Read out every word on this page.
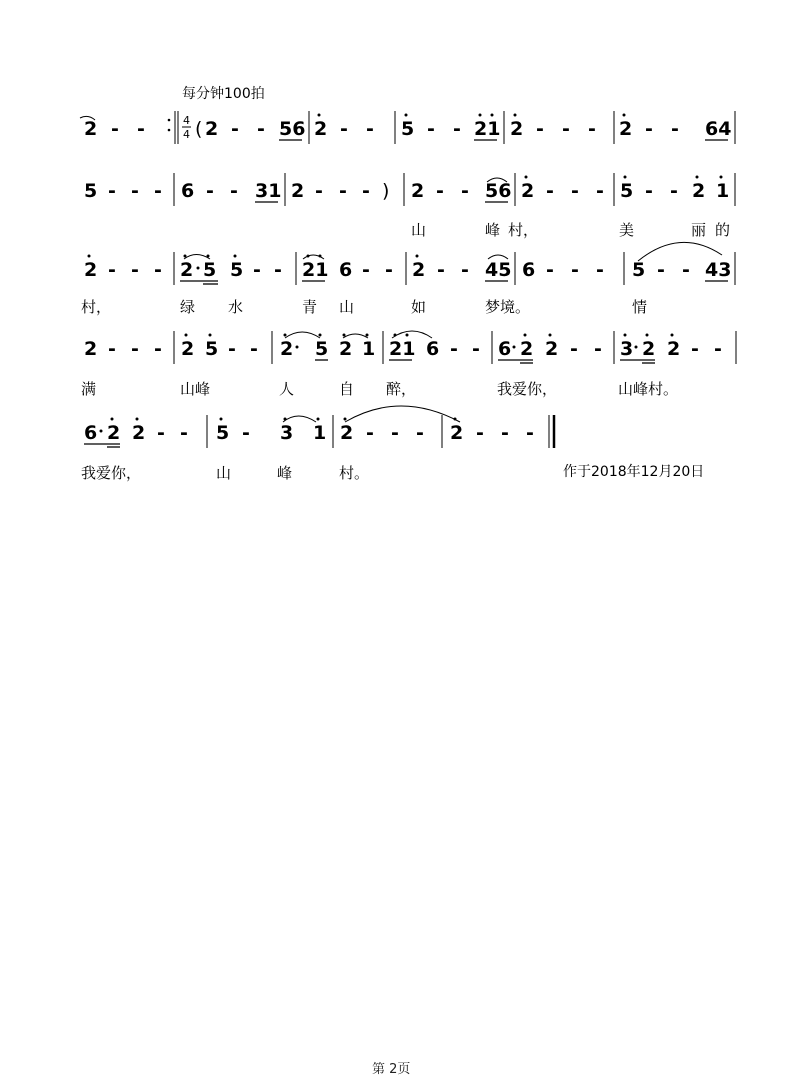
每分钟100拍
2 - -	4
4 ( 2 - - 56 2 - - 5 - - 21 2 - - - 2 - - 64
5 - - - 6 - - 31 2 - - - ) 2 - - 56 2 - - - 5 - - 2 1
山	峰 村，	美	丽 的
2 - - - 2 5 5 - - 21 6 - - 2 - - 45 6 - - - 5 - - 43
村，	绿 水	青 山	如	梦境。	情
2 - - - 2 5 - - 2 5 2 1 21 6 - - 6 2 2 - - 3 2 2 - -
满	山峰	人	自 醉，	我爱你，	山峰村。
6 2 2 - - 5 - 3 1 2 - - - 2 - - -
我爱你，	山	峰	村。	作于2018年12月20日
第 2页
